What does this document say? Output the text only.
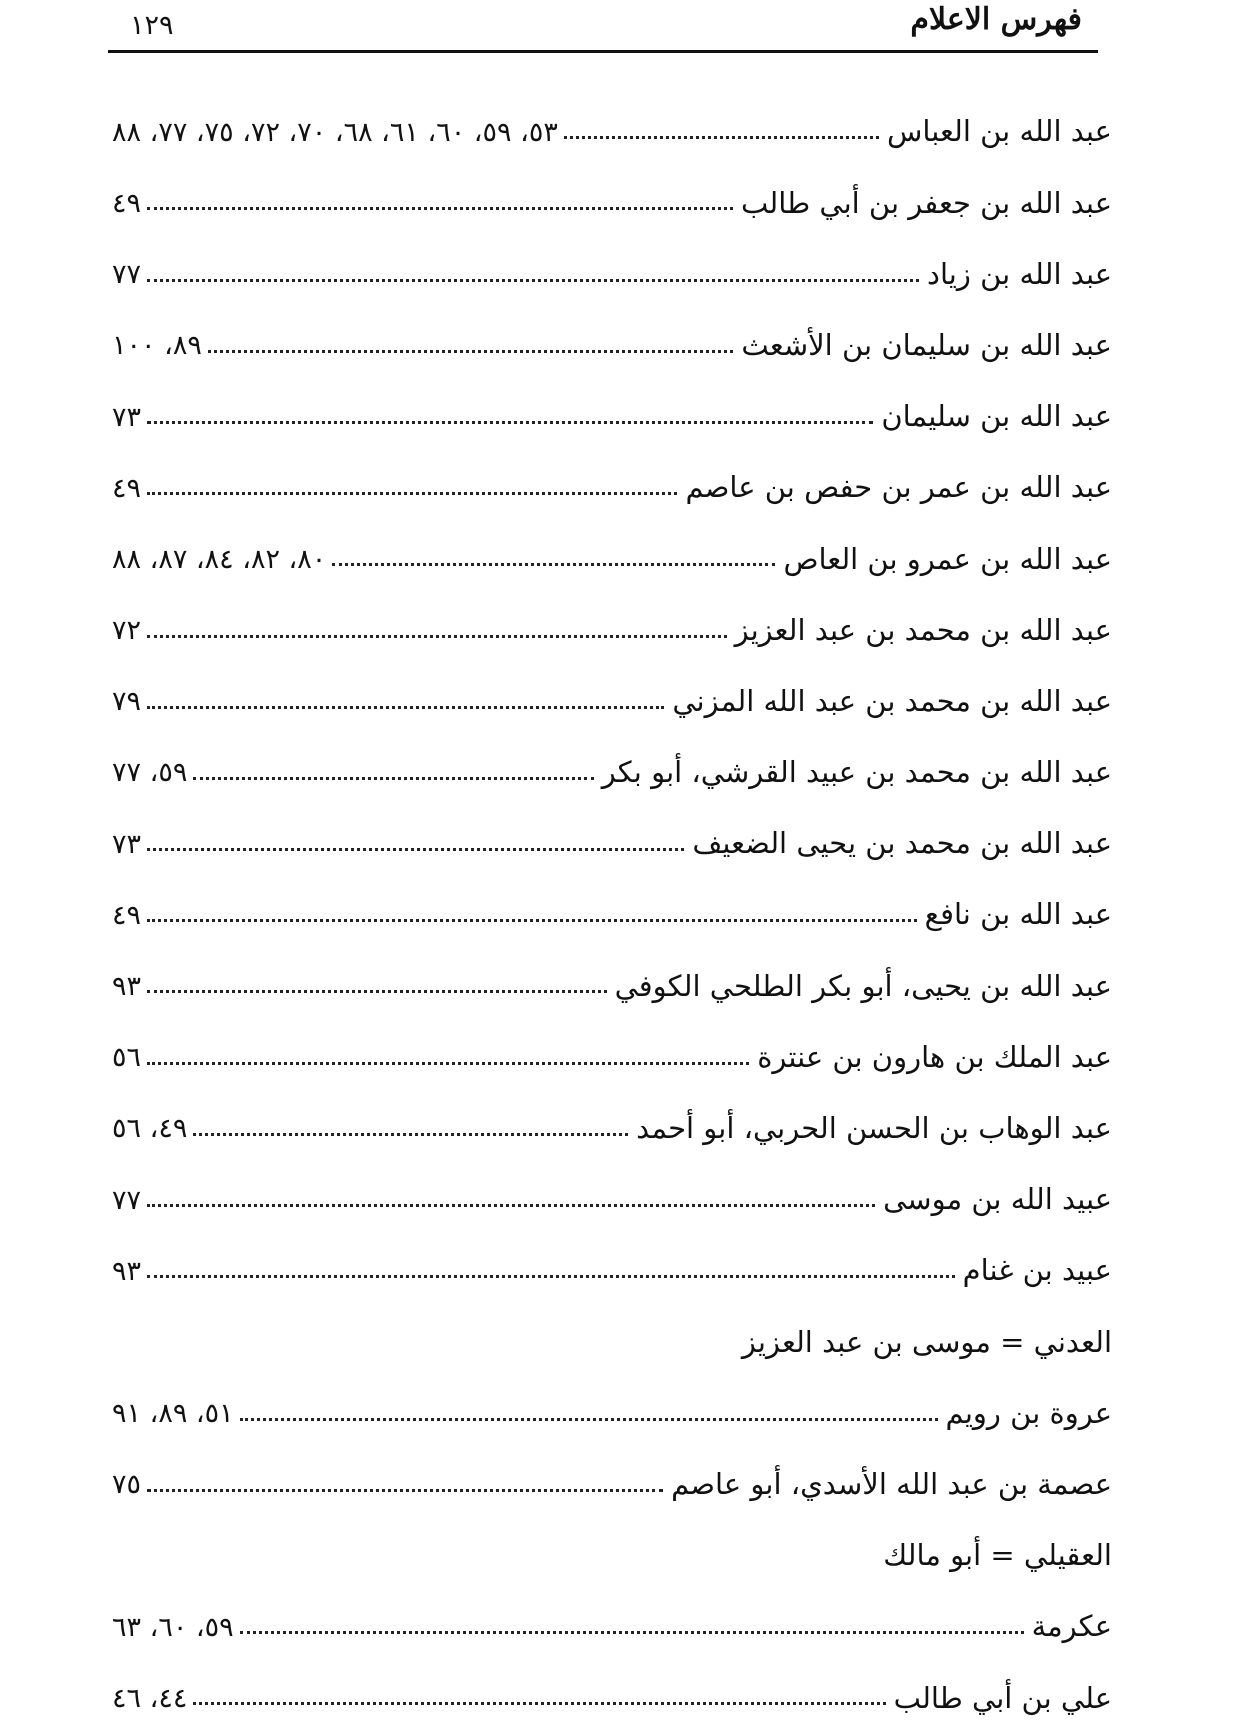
فهرس الاعلام
١٢٩
عبد الله بن العباس
٥٣، ٥٩، ٦٠، ٦١، ٦٨، ٧٠، ٧٢، ٧٥، ٧٧، ٨٨
عبد الله بن جعفر بن أبي طالب
٤٩
عبد الله بن زياد
٧٧
عبد الله بن سليمان بن الأشعث
٨٩، ١٠٠
عبد الله بن سليمان
٧٣
عبد الله بن عمر بن حفص بن عاصم
٤٩
عبد الله بن عمرو بن العاص
٨٠، ٨٢، ٨٤، ٨٧، ٨٨
عبد الله بن محمد بن عبد العزيز
٧٢
عبد الله بن محمد بن عبد الله المزني
٧٩
عبد الله بن محمد بن عبيد القرشي، أبو بكر
٥٩، ٧٧
عبد الله بن محمد بن يحيى الضعيف
٧٣
عبد الله بن نافع
٤٩
عبد الله بن يحيى، أبو بكر الطلحي الكوفي
٩٣
عبد الملك بن هارون بن عنترة
٥٦
عبد الوهاب بن الحسن الحربي، أبو أحمد
٤٩، ٥٦
عبيد الله بن موسى
٧٧
عبيد بن غنام
٩٣
العدني = موسى بن عبد العزيز
عروة بن رويم
٥١، ٨٩، ٩١
عصمة بن عبد الله الأسدي، أبو عاصم
٧٥
العقيلي = أبو مالك
عكرمة
٥٩، ٦٠، ٦٣
علي بن أبي طالب
٤٤، ٤٦
